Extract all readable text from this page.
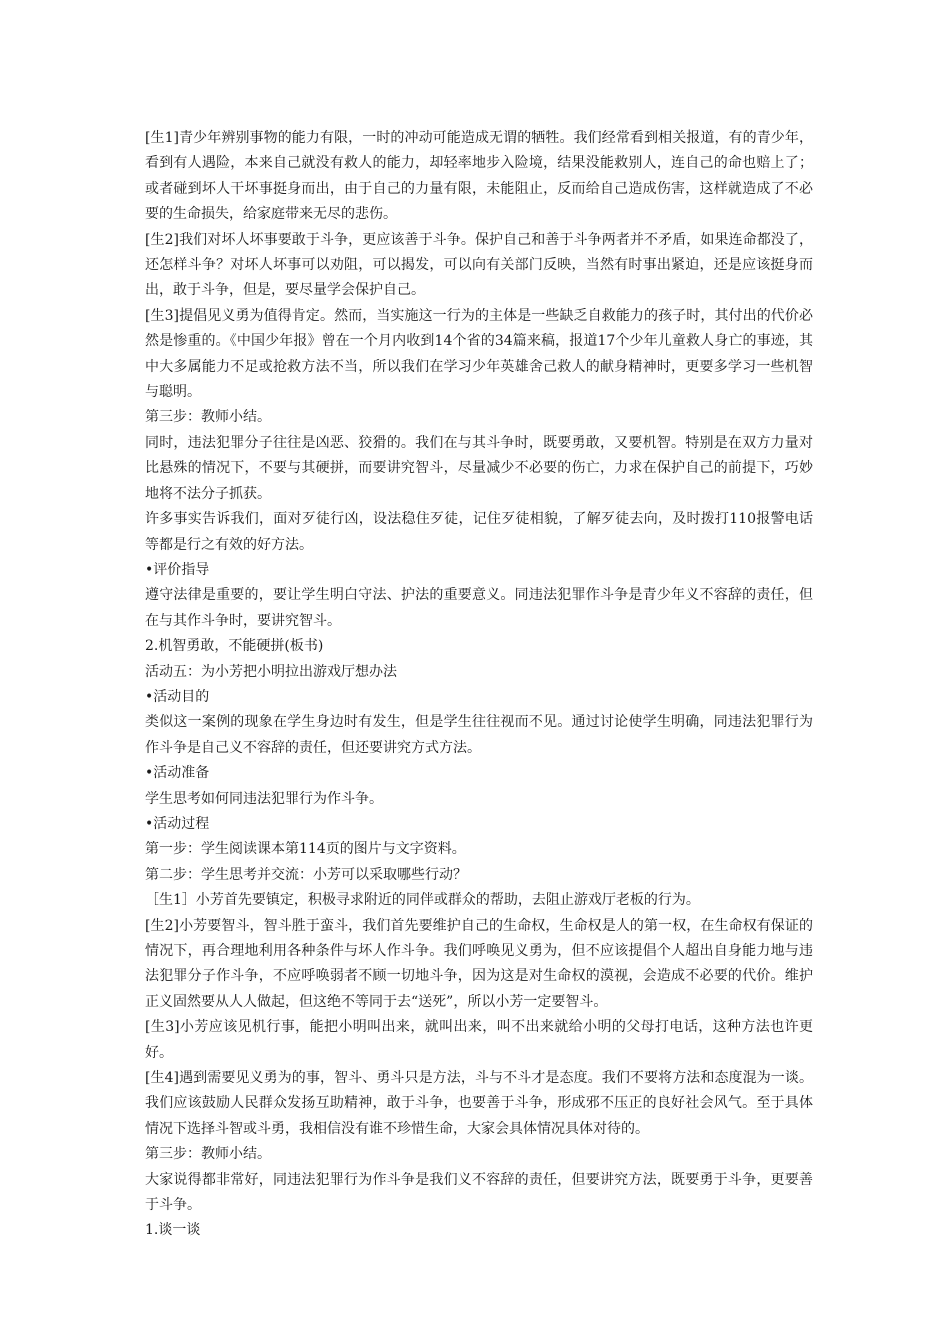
[生1]青少年辨别事物的能力有限，一时的冲动可能造成无谓的牺牲。我们经常看到相关报道，有的青少年，看到有人遇险，本来自己就没有救人的能力，却轻率地步入险境，结果没能救别人，连自己的命也赔上了；或者碰到坏人干坏事挺身而出，由于自己的力量有限，未能阻止，反而给自己造成伤害，这样就造成了不必要的生命损失，给家庭带来无尽的悲伤。

[生2]我们对坏人坏事要敢于斗争，更应该善于斗争。保护自己和善于斗争两者并不矛盾，如果连命都没了，还怎样斗争？对坏人坏事可以劝阻，可以揭发，可以向有关部门反映，当然有时事出紧迫，还是应该挺身而出，敢于斗争，但是，要尽量学会保护自己。

[生3]提倡见义勇为值得肯定。然而，当实施这一行为的主体是一些缺乏自救能力的孩子时，其付出的代价必然是惨重的。《中国少年报》曾在一个月内收到14个省的34篇来稿，报道17个少年儿童救人身亡的事迹，其中大多属能力不足或抢救方法不当，所以我们在学习少年英雄舍己救人的献身精神时，更要多学习一些机智与聪明。

第三步：教师小结。

同时，违法犯罪分子往往是凶恶、狡猾的。我们在与其斗争时，既要勇敢，又要机智。特别是在双方力量对比悬殊的情况下，不要与其硬拼，而要讲究智斗，尽量减少不必要的伤亡，力求在保护自己的前提下，巧妙地将不法分子抓获。

许多事实告诉我们，面对歹徒行凶，设法稳住歹徒，记住歹徒相貌，了解歹徒去向，及时拨打110报警电话等都是行之有效的好方法。

•评价指导

遵守法律是重要的，要让学生明白守法、护法的重要意义。同违法犯罪作斗争是青少年义不容辞的责任，但在与其作斗争时，要讲究智斗。

2.机智勇敢，不能硬拼(板书)

活动五：为小芳把小明拉出游戏厅想办法

•活动目的

类似这一案例的现象在学生身边时有发生，但是学生往往视而不见。通过讨论使学生明确，同违法犯罪行为作斗争是自己义不容辞的责任，但还要讲究方式方法。

•活动准备

学生思考如何同违法犯罪行为作斗争。

•活动过程

第一步：学生阅读课本第114页的图片与文字资料。

第二步：学生思考并交流：小芳可以采取哪些行动？

［生1］小芳首先要镇定，积极寻求附近的同伴或群众的帮助，去阻止游戏厅老板的行为。

[生2]小芳要智斗，智斗胜于蛮斗，我们首先要维护自己的生命权，生命权是人的第一权，在生命权有保证的情况下，再合理地利用各种条件与坏人作斗争。我们呼唤见义勇为，但不应该提倡个人超出自身能力地与违法犯罪分子作斗争，不应呼唤弱者不顾一切地斗争，因为这是对生命权的漠视，会造成不必要的代价。维护正义固然要从人人做起，但这绝不等同于去“送死”，所以小芳一定要智斗。

[生3]小芳应该见机行事，能把小明叫出来，就叫出来，叫不出来就给小明的父母打电话，这种方法也许更好。

[生4]遇到需要见义勇为的事，智斗、勇斗只是方法，斗与不斗才是态度。我们不要将方法和态度混为一谈。我们应该鼓励人民群众发扬互助精神，敢于斗争，也要善于斗争，形成邪不压正的良好社会风气。至于具体情况下选择斗智或斗勇，我相信没有谁不珍惜生命，大家会具体情况具体对待的。

第三步：教师小结。

大家说得都非常好，同违法犯罪行为作斗争是我们义不容辞的责任，但要讲究方法，既要勇于斗争，更要善于斗争。

1.谈一谈
